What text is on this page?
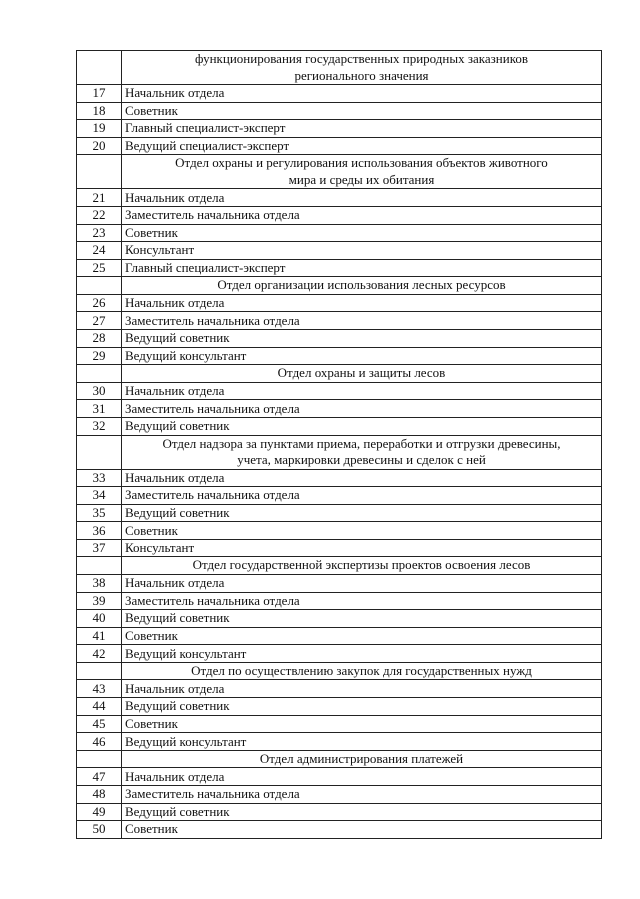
	функционирования государственных природных заказников
регионального значения

17	Начальник отдела
18	Советник
19	Главный специалист-эксперт
20	Ведущий специалист-эксперт

	Отдел охраны и регулирования использования объектов животного
мира и среды их обитания

21	Начальник отдела
22	Заместитель начальника отдела
23	Советник
24	Консультант
25	Главный специалист-эксперт

	Отдел организации использования лесных ресурсов

26	Начальник отдела
27	Заместитель начальника отдела
28	Ведущий советник
29	Ведущий консультант

	Отдел охраны и защиты лесов

30	Начальник отдела
31	Заместитель начальника отдела
32	Ведущий советник

	Отдел надзора за пунктами приема, переработки и отгрузки древесины,
учета, маркировки древесины и сделок с ней

33	Начальник отдела
34	Заместитель начальника отдела
35	Ведущий советник
36	Советник
37	Консультант

	Отдел государственной экспертизы проектов освоения лесов

38	Начальник отдела
39	Заместитель начальника отдела
40	Ведущий советник
41	Советник
42	Ведущий консультант

	Отдел по осуществлению закупок для государственных нужд

43	Начальник отдела
44	Ведущий советник
45	Советник
46	Ведущий консультант

	Отдел администрирования платежей

47	Начальник отдела
48	Заместитель начальника отдела
49	Ведущий советник
50	Советник
